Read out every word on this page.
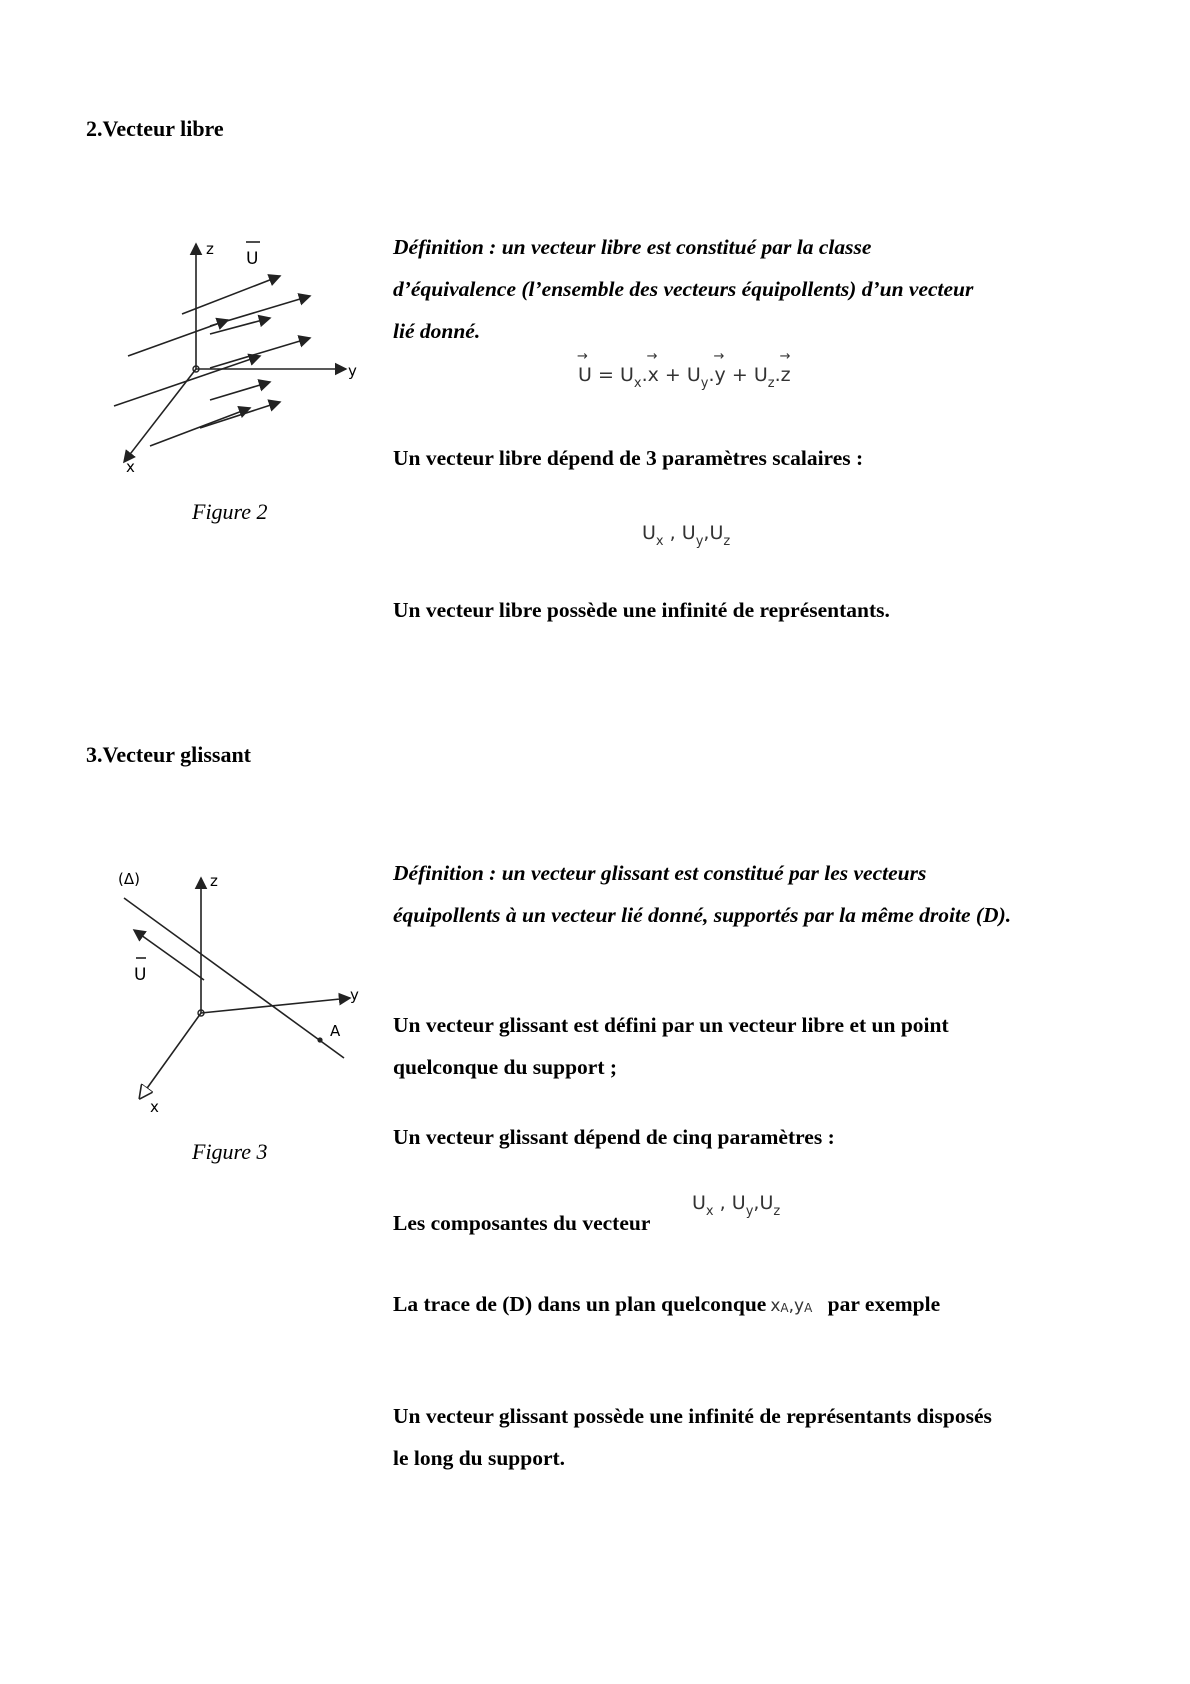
2.Vecteur libre
z
y
x
U
Figure 2
Définition : un vecteur libre est constitué par la classe d’équivalence (l’ensemble des vecteurs équipollents) d’un vecteur lié donné.
→ $U = U_x.\to x + U_y.\to y + U_z.\to z$
Un vecteur libre dépend de 3 paramètres scalaires :
$U_x$ , $U_y,U_z$
Un vecteur libre possède une infinité de représentants.
3.Vecteur glissant
(Δ)	z
y
x
U
A
Figure 3
Définition : un vecteur glissant est constitué par les vecteurs équipollents à un vecteur lié donné, supportés par la même droite (D).
Un vecteur glissant est défini par un vecteur libre et un point quelconque du support ;
Un vecteur glissant dépend de cinq paramètres :
Les composantes du vecteur
$U_x$ , $U_y,U_z$
La trace de (D) dans un plan quelconque xA,yA par exemple
Un vecteur glissant possède une infinité de représentants disposés le long du support.
